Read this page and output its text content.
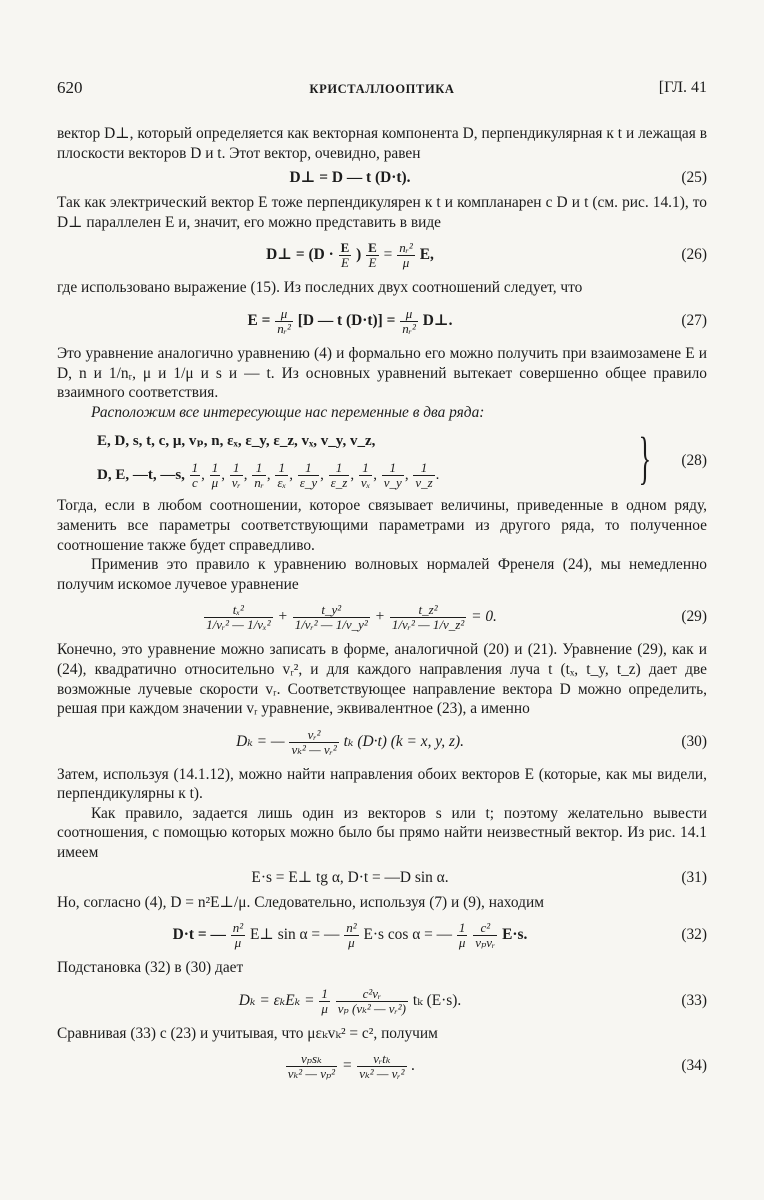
620	КРИСТАЛЛООПТИКА	[ГЛ. 41

вектор D⊥, который определяется как векторная компонента D, перпендикулярная к t и лежащая в плоскости векторов D и t. Этот вектор, очевидно, равен

D⊥ = D — t (D·t).	(25)

Так как электрический вектор E тоже перпендикулярен к t и компланарен с D и t (см. рис. 14.1), то D⊥ параллелен E и, значит, его можно представить в виде

D⊥ = ($D \cdot \frac{E}{E}$ ) $\frac{E}{E} = \frac{\text{nᵣ²}}{\mu} E$,	(26)

где использовано выражение (15). Из последних двух соотношений следует, что

$E = \frac{\mu}{\text{nᵣ²}} [D$ — t $(D\cdot t)] = \frac{\mu}{\text{nᵣ²}}$ D⊥.	(27)

Это уравнение аналогично уравнению (4) и формально его можно получить при взаимозамене E и D, n и 1/nᵣ, μ и 1/μ и s и — t. Из основных уравнений вытекает совершенно общее правило взаимного соответствия.

Расположим все интересующие нас переменные в два ряда:

E, D, s, t, c, μ, vₚ, n, εₓ, ε_y, ε_z, vₓ, v_y, v_z,
D, E, —t, —s, $\frac{1}{c}$ , $\frac{1}{\mu}$ , $\frac{1}{\text{vᵣ}}$ , $\frac{1}{\text{nᵣ}}$ , $\frac{1}{\text{εₓ}}$ , $\frac{1}{\varepsilon\_y}$ , $\frac{1}{\varepsilon\_z}$ , $\frac{1}{\text{vₓ}}$ , $\frac{1}{v\_y}$ , $\frac{1}{v\_z}$ .	} (28)

Тогда, если в любом соотношении, которое связывает величины, приведенные в одном ряду, заменить все параметры соответствующими параметрами из другого ряда, то полученное соотношение также будет справедливо.

Применив это правило к уравнению волновых нормалей Френеля (24), мы немедленно получим искомое лучевое уравнение

$\frac{\text{tₓ²}}{\text{1/vᵣ² — 1/vₓ²}} + \frac{\text{t\_y²}}{\text{1/vᵣ² — 1/v\_y²}} + \frac{\text{t\_z²}}{\text{1/vᵣ² — 1/v\_z²}} = 0$.	(29)

Конечно, это уравнение можно записать в форме, аналогичной (20) и (21). Уравнение (29), как и (24), квадратично относительно vᵣ², и для каждого направления луча t (tₓ, t_y, t_z) дает две возможные лучевые скорости vᵣ. Соответствующее направление вектора D можно определить, решая при каждом значении vᵣ уравнение, эквивалентное (23), а именно

Dₖ = — $\frac{\text{vᵣ²}}{\text{vₖ² — vᵣ²}}$ tₖ (D·t) (k = x, y, z).	(30)

Затем, используя (14.1.12), можно найти направления обоих векторов E (которые, как мы видели, перпендикулярны к t).

Как правило, задается лишь один из векторов s или t; поэтому желательно вывести соотношения, с помощью которых можно было бы прямо найти неизвестный вектор. Из рис. 14.1 имеем

E·s = E⊥ tg α, D·t = —D sin α.	(31)

Но, согласно (4), D = n²E⊥/μ. Следовательно, используя (7) и (9), находим

D·t = — $\frac{\text{n²}}{\mu}$ E⊥ sin α = — $\frac{\text{n²}}{\mu} E\cdot s$ cos α = — $\frac{1}{\mu}$
	c²
vₚvᵣ E·s.	(32)

Подстановка (32) в (30) дает

$D_k = \varepsilon_kE_k = \frac{1}{\mu}$
$\frac{\text{c²vᵣ}}{\text{vₚ (vₖ² — vᵣ²)}}$ tₖ (E·s).	(33)

Сравнивая (33) с (23) и учитывая, что μεₖvₖ² = c², получим

vₚsₖ
vₖ² — vₚ² =	vᵣtₖ
vₖ² — vᵣ² .	(34)
